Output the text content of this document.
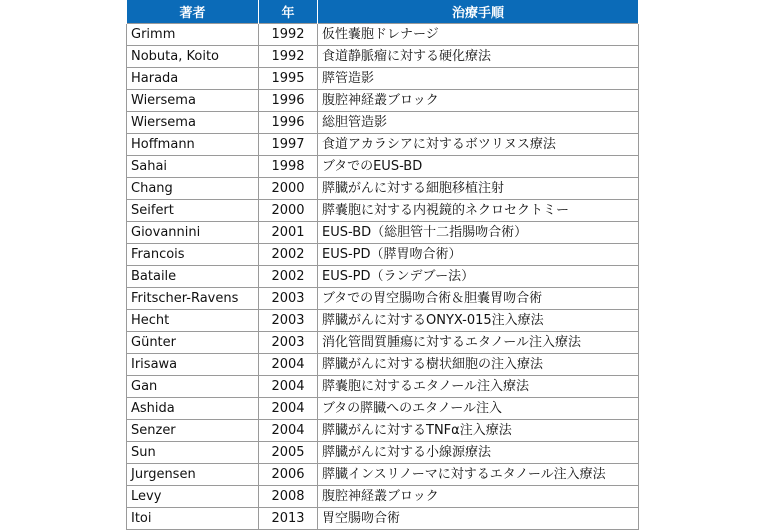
著者	年	治療手順
Grimm	1992	仮性嚢胞ドレナージ
Nobuta, Koito	1992	食道静脈瘤に対する硬化療法
Harada	1995	膵管造影
Wiersema	1996	腹腔神経叢ブロック
Wiersema	1996	総胆管造影
Hoffmann	1997	食道アカラシアに対するボツリヌス療法
Sahai	1998	ブタでのEUS-BD
Chang	2000	膵臓がんに対する細胞移植注射
Seifert	2000	膵嚢胞に対する内視鏡的ネクロセクトミー
Giovannini	2001	EUS-BD（総胆管十二指腸吻合術）
Francois	2002	EUS-PD（膵胃吻合術）
Bataile	2002	EUS-PD（ランデブー法）
Fritscher-Ravens	2003	ブタでの胃空腸吻合術＆胆嚢胃吻合術
Hecht	2003	膵臓がんに対するONYX-015注入療法
Günter	2003	消化管間質腫瘍に対するエタノール注入療法
Irisawa	2004	膵臓がんに対する樹状細胞の注入療法
Gan	2004	膵嚢胞に対するエタノール注入療法
Ashida	2004	ブタの膵臓へのエタノール注入
Senzer	2004	膵臓がんに対するTNFα注入療法
Sun	2005	膵臓がんに対する小線源療法
Jurgensen	2006	膵臓インスリノーマに対するエタノール注入療法
Levy	2008	腹腔神経叢ブロック
Itoi	2013	胃空腸吻合術
